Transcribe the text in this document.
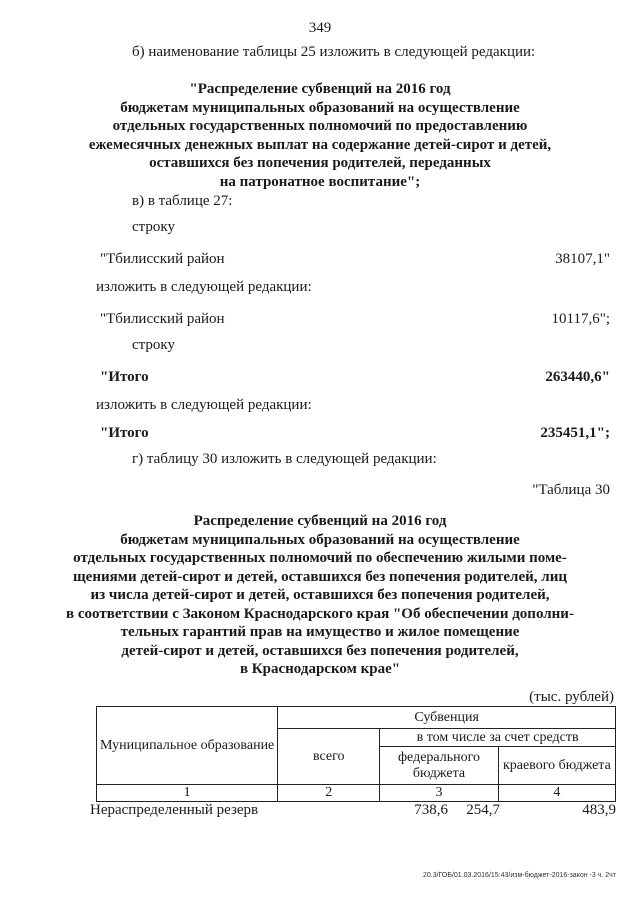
349
б) наименование таблицы 25 изложить в следующей редакции:
"Распределение субвенций на 2016 год
бюджетам муниципальных образований на осуществление
отдельных государственных полномочий по предоставлению
ежемесячных денежных выплат на содержание детей-сирот и детей,
оставшихся без попечения родителей, переданных
на патронатное воспитание";
в) в таблице 27:
строку
"Тбилисский район	38107,1"
изложить в следующей редакции:
"Тбилисский район	10117,6";
строку
"Итого	263440,6"
изложить в следующей редакции:
"Итого	235451,1";
г) таблицу 30 изложить в следующей редакции:
"Таблица 30
Распределение субвенций на 2016 год
бюджетам муниципальных образований на осуществление
отдельных государственных полномочий по обеспечению жилыми поме-
щениями детей-сирот и детей, оставшихся без попечения родителей, лиц
из числа детей-сирот и детей, оставшихся без попечения родителей,
в соответствии с Законом Краснодарского края "Об обеспечении дополни-
тельных гарантий прав на имущество и жилое помещение
детей-сирот и детей, оставшихся без попечения родителей,
в Краснодарском крае"
(тыс. рублей)
Муниципальное образование	Субвенция		
	всего	в том числе за счет средств	
		федерального бюджета	краевого бюджета
1	2	3	4
Нераспределенный резерв	738,6	254,7	483,9
20.3/ГОБ/01.03.2016/15:43/изм-бюджет-2016-закон -3 ч. 2чт
